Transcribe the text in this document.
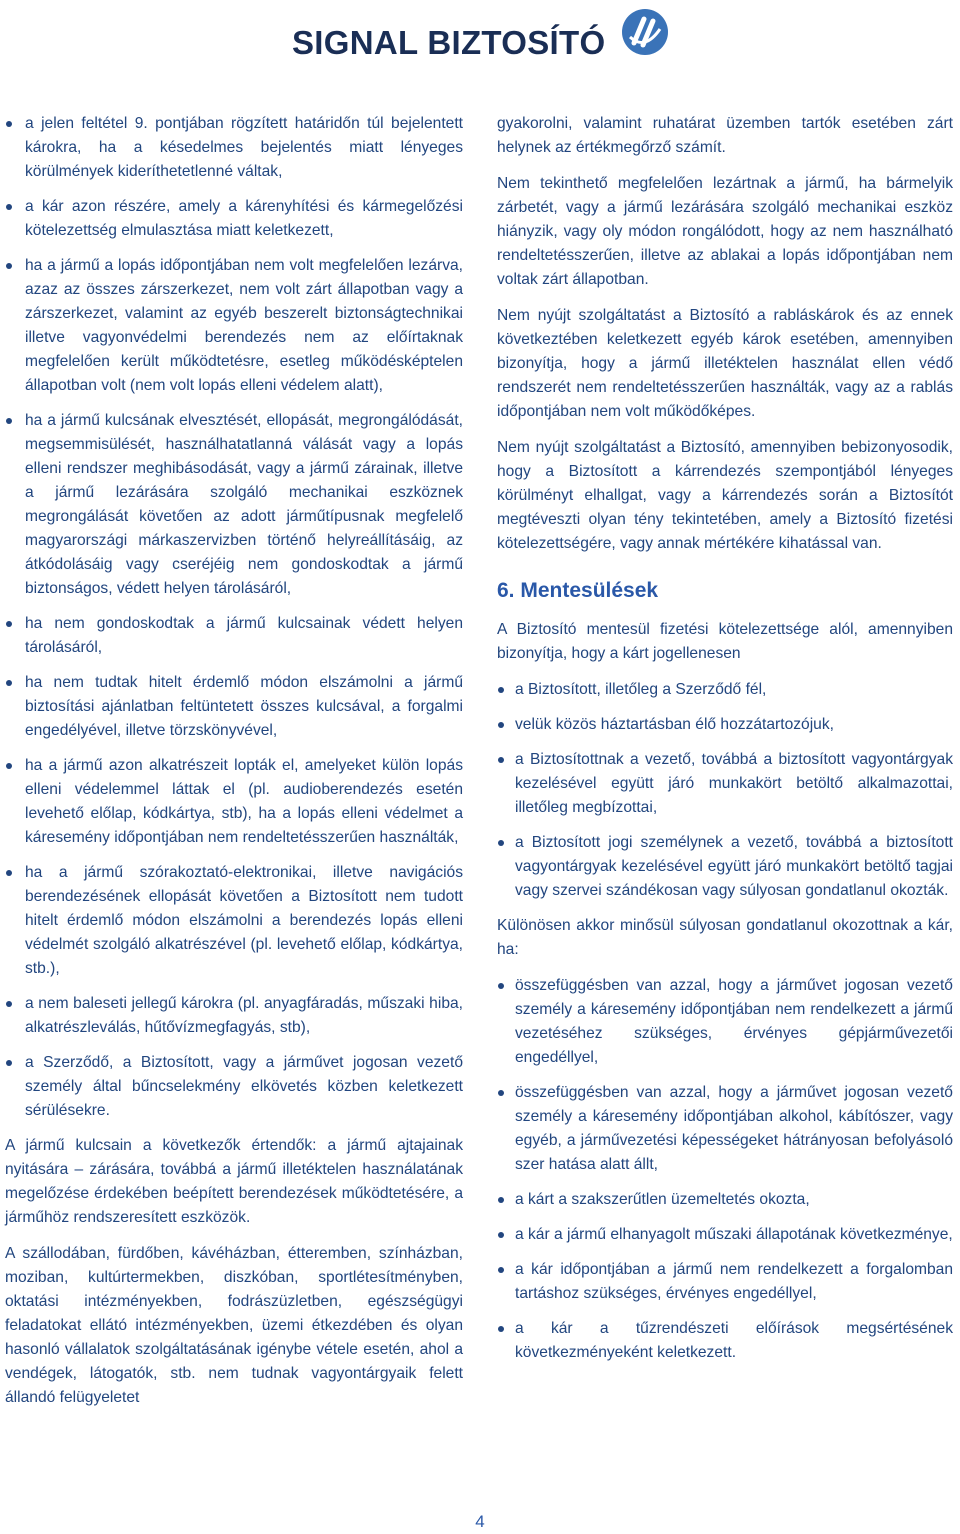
SIGNAL BIZTOSÍTÓ
a jelen feltétel 9. pontjában rögzített határidőn túl bejelentett károkra, ha a késedelmes bejelentés miatt lényeges körülmények kideríthetetlenné váltak,
a kár azon részére, amely a kárenyhítési és kármegelőzési kötelezettség elmulasztása miatt keletkezett,
ha a jármű a lopás időpontjában nem volt megfelelően lezárva, azaz az összes zárszerkezet, nem volt zárt állapotban vagy a zárszerkezet, valamint az egyéb beszerelt biztonságtechnikai illetve vagyonvédelmi berendezés nem az előírtaknak megfelelően került működtetésre, esetleg működésképtelen állapotban volt (nem volt lopás elleni védelem alatt),
ha a jármű kulcsának elvesztését, ellopását, megrongálódását, megsemmisülését, használhatatlanná válását vagy a lopás elleni rendszer meghibásodását, vagy a jármű zárainak, illetve a jármű lezárására szolgáló mechanikai eszköznek megrongálását követően az adott járműtípusnak megfelelő magyarországi márkaszervizben történő helyreállításáig, az átkódolásáig vagy cseréjéig nem gondoskodtak a jármű biztonságos, védett helyen tárolásáról,
ha nem gondoskodtak a jármű kulcsainak védett helyen tárolásáról,
ha nem tudtak hitelt érdemlő módon elszámolni a jármű biztosítási ajánlatban feltüntetett összes kulcsával, a forgalmi engedélyével, illetve törzskönyvével,
ha a jármű azon alkatrészeit lopták el, amelyeket külön lopás elleni védelemmel láttak el (pl. audioberendezés esetén levehető előlap, kódkártya, stb), ha a lopás elleni védelmet a káresemény időpontjában nem rendeltetésszerűen használták,
ha a jármű szórakoztató-elektronikai, illetve navigációs berendezésének ellopását követően a Biztosított nem tudott hitelt érdemlő módon elszámolni a berendezés lopás elleni védelmét szolgáló alkatrészével (pl. levehető előlap, kódkártya, stb.),
a nem baleseti jellegű károkra (pl. anyagfáradás, műszaki hiba, alkatrészleválás, hűtővízmegfagyás, stb),
a Szerződő, a Biztosított, vagy a járművet jogosan vezető személy által bűncselekmény elkövetés közben keletkezett sérülésekre.

A jármű kulcsain a következők értendők: a jármű ajtajainak nyitására – zárására, továbbá a jármű illetéktelen használatának megelőzése érdekében beépített berendezések működtetésére, a járműhöz rendszeresített eszközök.

A szállodában, fürdőben, kávéházban, étteremben, színházban, moziban, kultúrtermekben, diszkóban, sportlétesítményben, oktatási intézményekben, fodrászüzletben, egészségügyi feladatokat ellátó intézményekben, üzemi étkezdében és olyan hasonló vállalatok szolgáltatásának igénybe vétele esetén, ahol a vendégek, látogatók, stb. nem tudnak vagyontárgyaik felett állandó felügyeletet

gyakorolni, valamint ruhatárat üzemben tartók esetében zárt helynek az értékmegőrző számít.

Nem tekinthető megfelelően lezártnak a jármű, ha bármelyik zárbetét, vagy a jármű lezárására szolgáló mechanikai eszköz hiányzik, vagy oly módon rongálódott, hogy az nem használható rendeltetésszerűen, illetve az ablakai a lopás időpontjában nem voltak zárt állapotban.

Nem nyújt szolgáltatást a Biztosító a rabláskárok és az ennek következtében keletkezett egyéb károk esetében, amennyiben bizonyítja, hogy a jármű illetéktelen használat ellen védő rendszerét nem rendeltetésszerűen használták, vagy az a rablás időpontjában nem volt működőképes.

Nem nyújt szolgáltatást a Biztosító, amennyiben bebizonyosodik, hogy a Biztosított a kárrendezés szempontjából lényeges körülményt elhallgat, vagy a kárrendezés során a Biztosítót megtéveszti olyan tény tekintetében, amely a Biztosító fizetési kötelezettségére, vagy annak mértékére kihatással van.

6. Mentesülések

A Biztosító mentesül fizetési kötelezettsége alól, amennyiben bizonyítja, hogy a kárt jogellenesen

a Biztosított, illetőleg a Szerződő fél,
velük közös háztartásban élő hozzátartozójuk,
a Biztosítottnak a vezető, továbbá a biztosított vagyontárgyak kezelésével együtt járó munkakört betöltő alkalmazottai, illetőleg megbízottai,
a Biztosított jogi személynek a vezető, továbbá a biztosított vagyontárgyak kezelésével együtt járó munkakört betöltő tagjai vagy szervei szándékosan vagy súlyosan gondatlanul okozták.

Különösen akkor minősül súlyosan gondatlanul okozottnak a kár, ha:

összefüggésben van azzal, hogy a járművet jogosan vezető személy a káresemény időpontjában nem rendelkezett a jármű vezetéséhez szükséges, érvényes gépjárművezetői engedéllyel,
összefüggésben van azzal, hogy a járművet jogosan vezető személy a káresemény időpontjában alkohol, kábítószer, vagy egyéb, a járművezetési képességeket hátrányosan befolyásoló szer hatása alatt állt,
a kárt a szakszerűtlen üzemeltetés okozta,
a kár a jármű elhanyagolt műszaki állapotának következménye,
a kár időpontjában a jármű nem rendelkezett a forgalomban tartáshoz szükséges, érvényes engedéllyel,
a kár a tűzrendészeti előírások megsértésének következményeként keletkezett.
4
